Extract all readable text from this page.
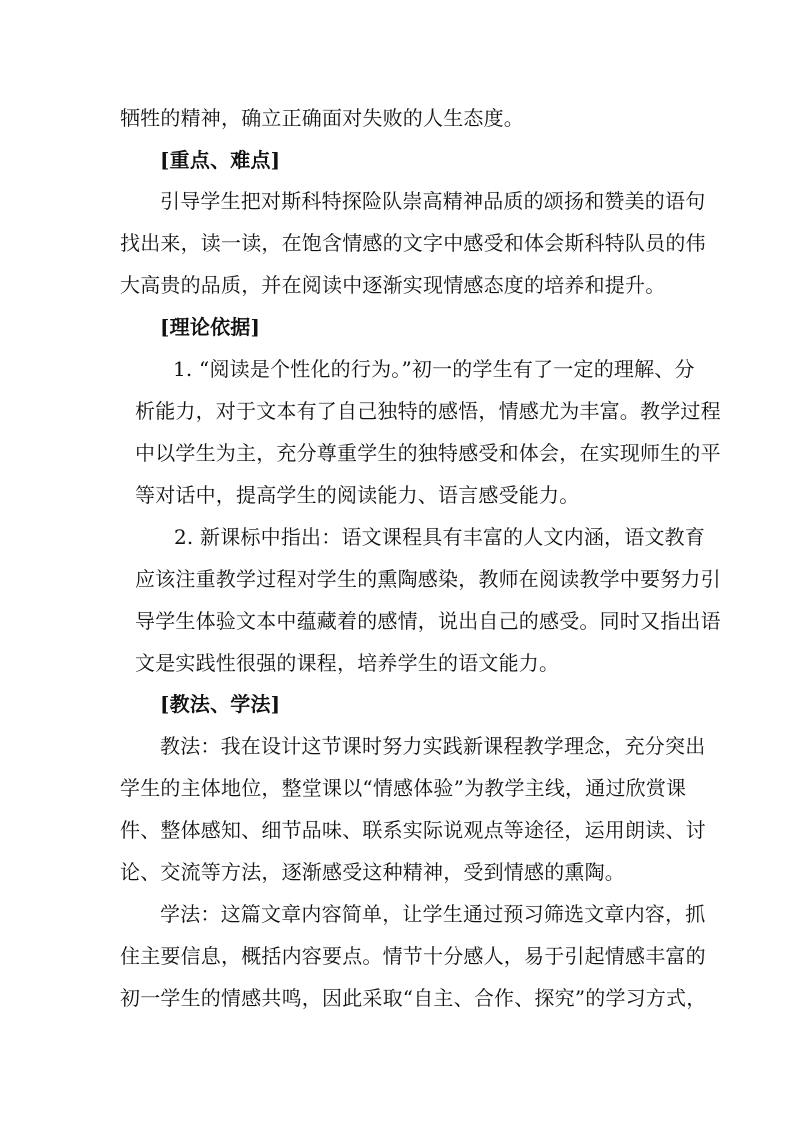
牺牲的精神，确立正确面对失败的人生态度。
[重点、难点]
引导学生把对斯科特探险队崇高精神品质的颂扬和赞美的语句
找出来，读一读，在饱含情感的文字中感受和体会斯科特队员的伟
大高贵的品质，并在阅读中逐渐实现情感态度的培养和提升。
[理论依据]
1. “阅读是个性化的行为。”初一的学生有了一定的理解、分
析能力，对于文本有了自己独特的感悟，情感尤为丰富。教学过程
中以学生为主，充分尊重学生的独特感受和体会，在实现师生的平
等对话中，提高学生的阅读能力、语言感受能力。
2. 新课标中指出：语文课程具有丰富的人文内涵，语文教育
应该注重教学过程对学生的熏陶感染，教师在阅读教学中要努力引
导学生体验文本中蕴藏着的感情，说出自己的感受。同时又指出语
文是实践性很强的课程，培养学生的语文能力。
[教法、学法]
教法：我在设计这节课时努力实践新课程教学理念，充分突出
学生的主体地位，整堂课以“情感体验”为教学主线，通过欣赏课
件、整体感知、细节品味、联系实际说观点等途径，运用朗读、讨
论、交流等方法，逐渐感受这种精神，受到情感的熏陶。
学法：这篇文章内容简单，让学生通过预习筛选文章内容，抓
住主要信息，概括内容要点。情节十分感人，易于引起情感丰富的
初一学生的情感共鸣，因此采取“自主、合作、探究”的学习方式，
